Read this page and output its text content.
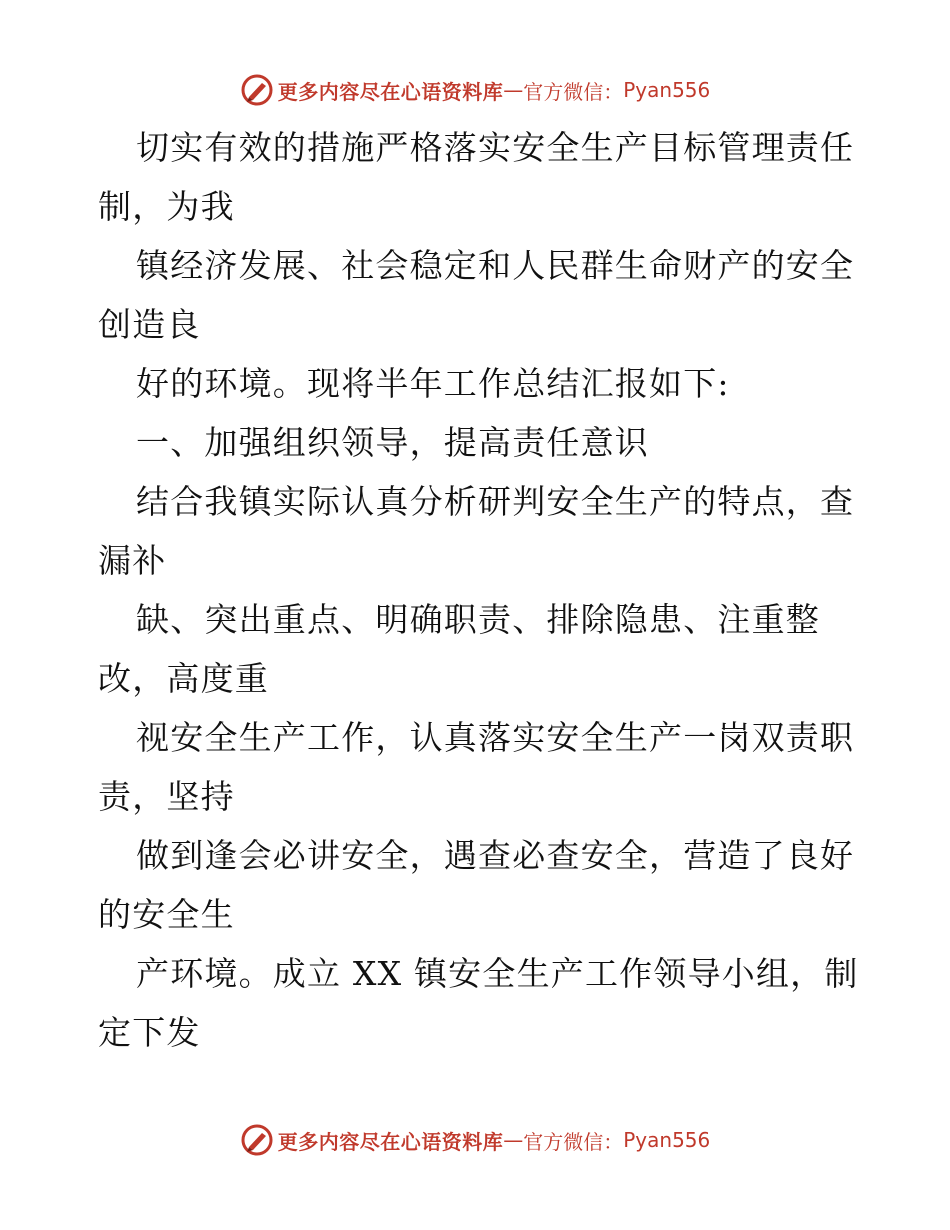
更多内容尽在心语资料库 — 官方微信： Pyan556
切实有效的措施严格落实安全生产目标管理责任
制，为我
镇经济发展、社会稳定和人民群生命财产的安全
创造良
好的环境。现将半年工作总结汇报如下:
一、加强组织领导，提高责任意识
结合我镇实际认真分析研判安全生产的特点，查
漏补
缺、突出重点、明确职责、排除隐患、注重整
改，高度重
视安全生产工作，认真落实安全生产一岗双责职
责，坚持
做到逢会必讲安全，遇查必查安全，营造了良好
的安全生
产环境。成立 XX 镇安全生产工作领导小组，制
定下发
更多内容尽在心语资料库 — 官方微信： Pyan556
